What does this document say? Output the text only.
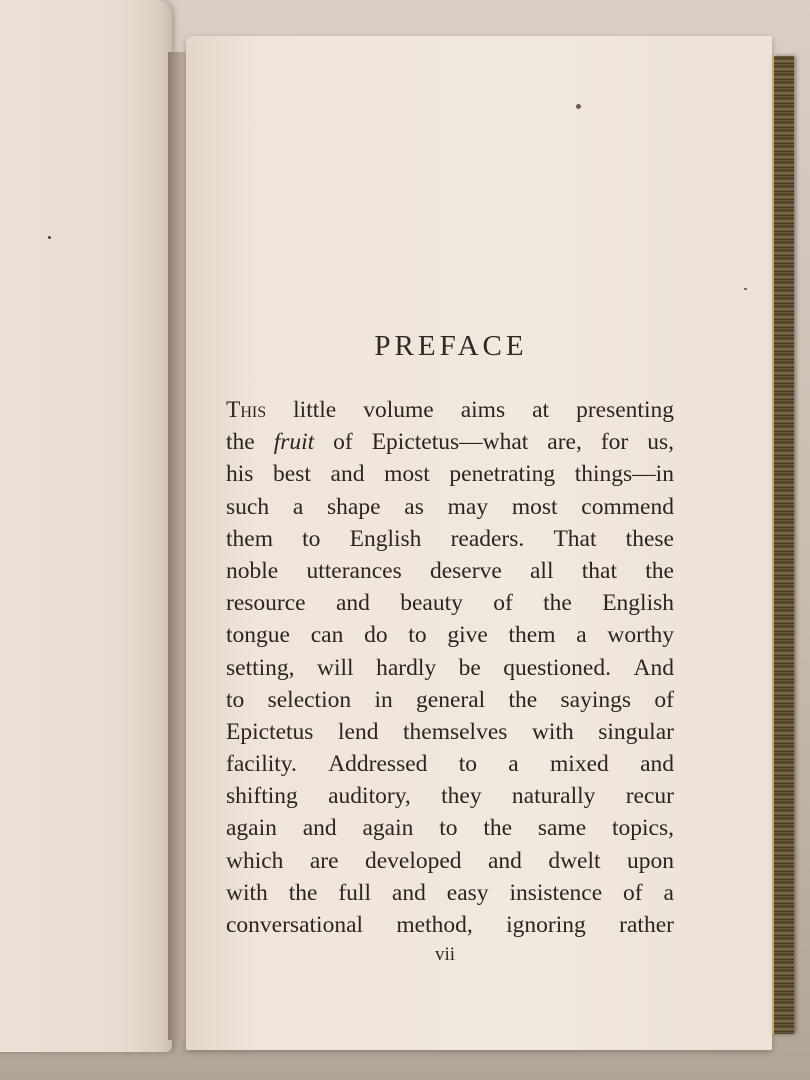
PREFACE
This little volume aims at presenting
the fruit of Epictetus—what are, for us,
his best and most penetrating things—in
such a shape as may most commend
them to English readers. That these
noble utterances deserve all that the
resource and beauty of the English
tongue can do to give them a worthy
setting, will hardly be questioned. And
to selection in general the sayings of
Epictetus lend themselves with singular
facility. Addressed to a mixed and
shifting auditory, they naturally recur
again and again to the same topics,
which are developed and dwelt upon
with the full and easy insistence of a
conversational method, ignoring rather
vii
